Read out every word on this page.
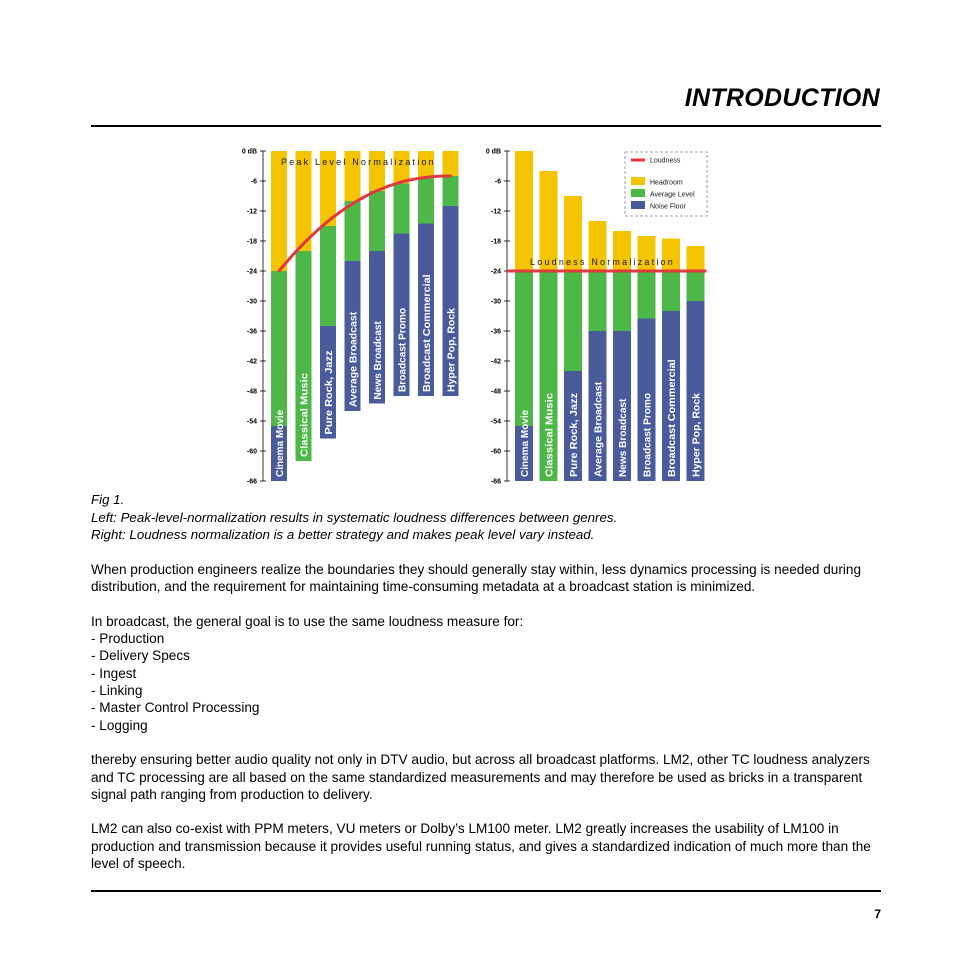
INTRODUCTION
0 dB
-6
-12
-18
-24
-30
-36
-42
-48
-54
-60
-66
Cinema Movie Classical Music Pure Rock, Jazz Average Broadcast News Broadcast Broadcast Promo Broadcast Commercial Hyper Pop, Rock
Peak Level Normalization
0 dB
-6
-12
-18
-24
-30
-36
-42
-48
-54
-60
-66
Cinema Movie Classical Music Pure Rock, Jazz Average Broadcast News Broadcast Broadcast Promo Broadcast Commercial Hyper Pop, Rock
Loudness Normalization
Loudness
Headroom
Average Level
Noise Floor
Fig 1.
Left: Peak-level-normalization results in systematic loudness differences between genres.
Right: Loudness normalization is a better strategy and makes peak level vary instead.

When production engineers realize the boundaries they should generally stay within, less dynamics processing is needed during distribution, and the requirement for maintaining time-consuming metadata at a broadcast station is minimized.

In broadcast, the general goal is to use the same loudness measure for:
- Production
- Delivery Specs
- Ingest
- Linking
- Master Control Processing
- Logging

thereby ensuring better audio quality not only in DTV audio, but across all broadcast platforms. LM2, other TC loudness analyzers and TC processing are all based on the same standardized measurements and may therefore be used as bricks in a transparent signal path ranging from production to delivery.

LM2 can also co-exist with PPM meters, VU meters or Dolby’s LM100 meter. LM2 greatly increases the usability of LM100 in production and transmission because it provides useful running status, and gives a standardized indication of much more than the level of speech.

7
